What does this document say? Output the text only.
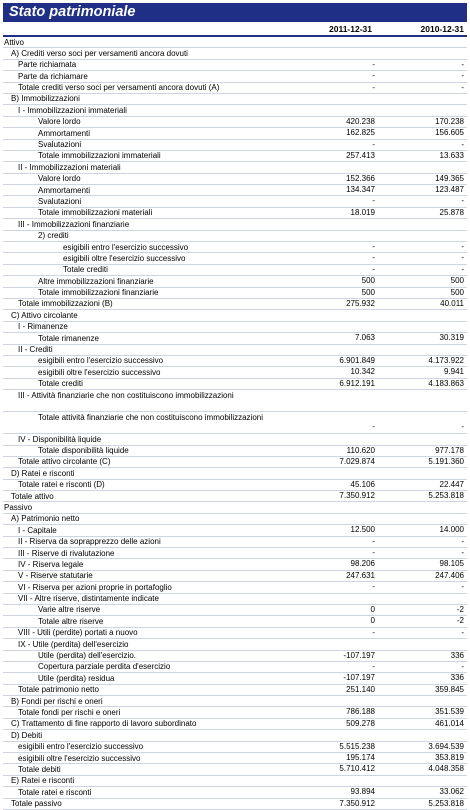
Stato patrimoniale
2011-12-31	2010-12-31
Attivo
A) Crediti verso soci per versamenti ancora dovuti
Parte richiamata	-	-
Parte da richiamare	-	-
Totale crediti verso soci per versamenti ancora dovuti (A)	-	-
B) Immobilizzazioni
I - Immobilizzazioni immateriali
Valore lordo	420.238	170.238
Ammortamenti	162.825	156.605
Svalutazioni	-	-
Totale immobilizzazioni immateriali	257.413	13.633
II - Immobilizzazioni materiali
Valore lordo	152.366	149.365
Ammortamenti	134.347	123.487
Svalutazioni	-	-
Totale immobilizzazioni materiali	18.019	25.878
III - Immobilizzazioni finanziarie
2) crediti
esigibili entro l'esercizio successivo	-	-
esigibili oltre l'esercizio successivo	-	-
Totale crediti	-	-
Altre immobilizzazioni finanziarie	500	500
Totale immobilizzazioni finanziarie	500	500
Totale immobilizzazioni (B)	275.932	40.011
C) Attivo circolante
I - Rimanenze
Totale rimanenze	7.063	30.319
II - Crediti
esigibili entro l'esercizio successivo	6.901.849	4.173.922
esigibili oltre l'esercizio successivo	10.342	9.941
Totale crediti	6.912.191	4.183.863
III - Attività finanziarie che non costituiscono immobilizzazioni
Totale attività finanziarie che non costituiscono immobilizzazioni
-	-
IV - Disponibilità liquide
Totale disponibilità liquide	110.620	977.178
Totale attivo circolante (C)	7.029.874	5.191.360
D) Ratei e risconti
Totale ratei e risconti (D)	45.106	22.447
Totale attivo	7.350.912	5.253.818
Passivo
A) Patrimonio netto
I - Capitale	12.500	14.000
II - Riserva da soprapprezzo delle azioni	-	-
III - Riserve di rivalutazione	-	-
IV - Riserva legale	98.206	98.105
V - Riserve statutarie	247.631	247.406
VI - Riserva per azioni proprie in portafoglio	-	-
VII - Altre riserve, distintamente indicate
Varie altre riserve	0	-2
Totale altre riserve	0	-2
VIII - Utili (perdite) portati a nuovo	-	-
IX - Utile (perdita) dell'esercizio
Utile (perdita) dell'esercizio.	-107.197	336
Copertura parziale perdita d'esercizio	-	-
Utile (perdita) residua	-107.197	336
Totale patrimonio netto	251.140	359.845
B) Fondi per rischi e oneri
Totale fondi per rischi e oneri	786.188	351.539
C) Trattamento di fine rapporto di lavoro subordinato	509.278	461.014
D) Debiti
esigibili entro l'esercizio successivo	5.515.238	3.694.539
esigibili oltre l'esercizio successivo	195.174	353.819
Totale debiti	5.710.412	4.048.358
E) Ratei e risconti
Totale ratei e risconti	93.894	33.062
Totale passivo	7.350.912	5.253.818
